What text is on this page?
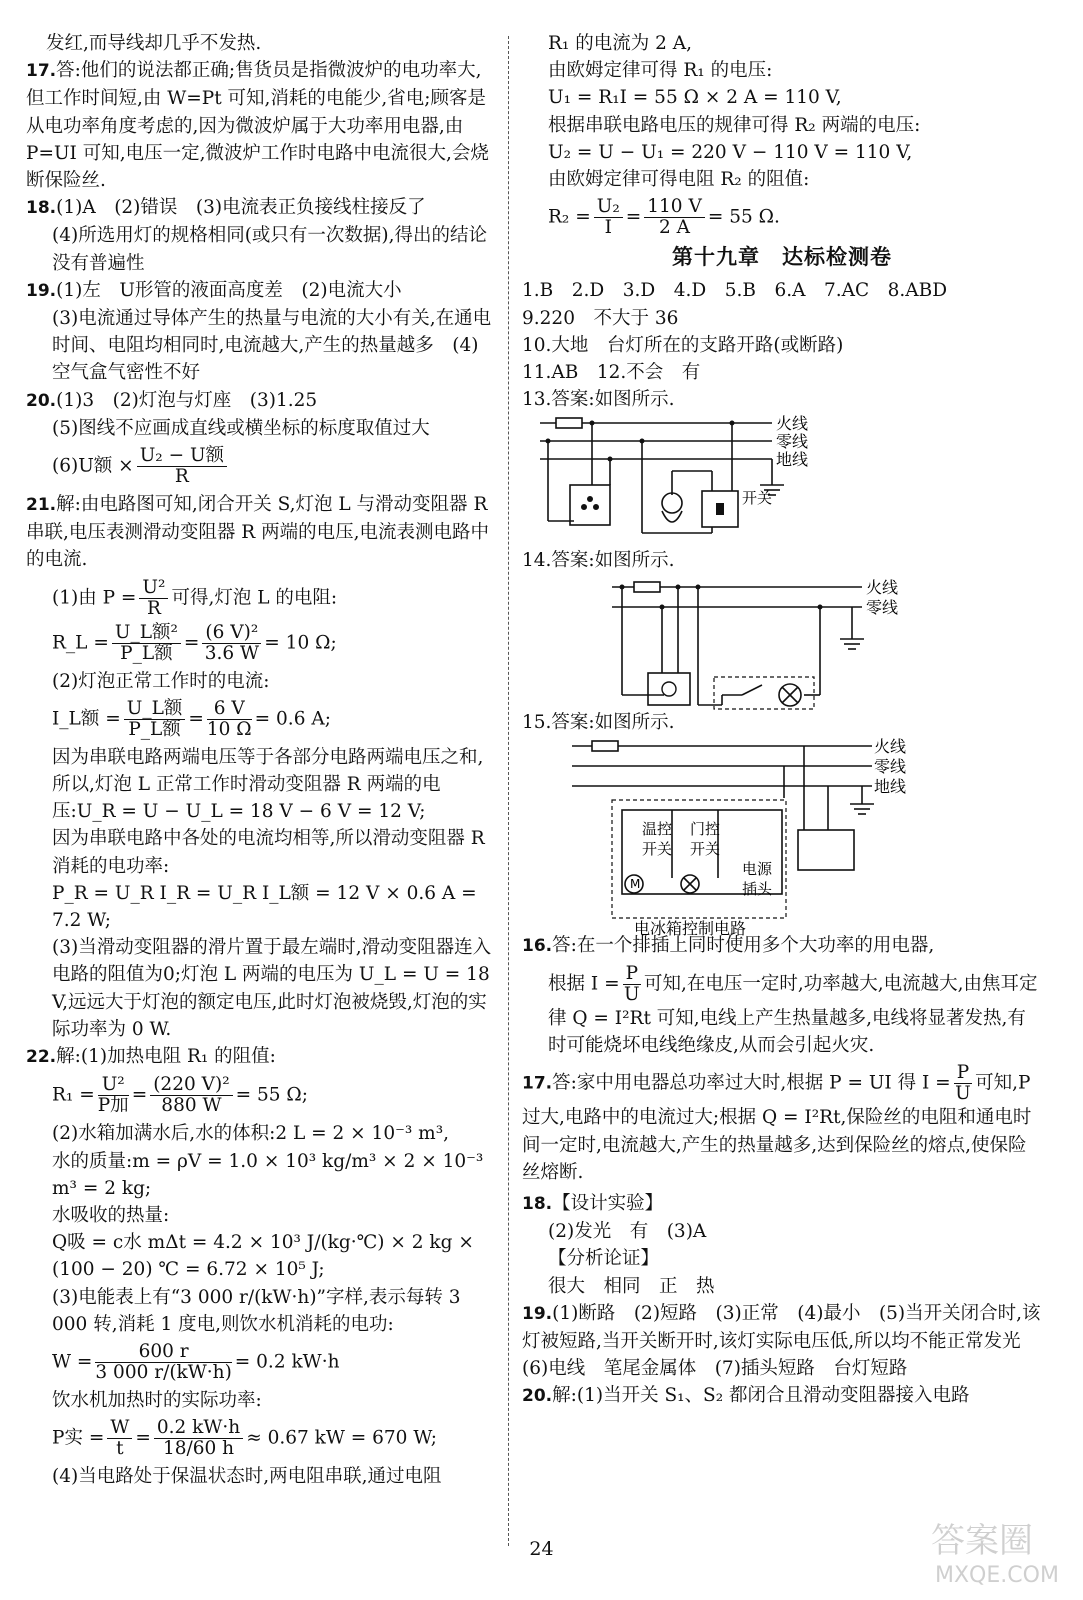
发红,而导线却几乎不发热.

17.答:他们的说法都正确;售货员是指微波炉的电功率大,但工作时间短,由 W=Pt 可知,消耗的电能少,省电;顾客是从电功率角度考虑的,因为微波炉属于大功率用电器,由 P=UI 可知,电压一定,微波炉工作时电路中电流很大,会烧断保险丝.

18.(1)A　(2)错误　(3)电流表正负接线柱接反了

(4)所选用灯的规格相同(或只有一次数据),得出的结论没有普遍性

19.(1)左　U形管的液面高度差　(2)电流大小

(3)电流通过导体产生的热量与电流的大小有关,在通电时间、电阻均相同时,电流越大,产生的热量越多　(4)空气盒气密性不好

20.(1)3　(2)灯泡与灯座　(3)1.25

(5)图线不应画成直线或横坐标的标度取值过大

(6)U额 × $\frac{\text{U₂ − U额}}{R}$

21.解:由电路图可知,闭合开关 S,灯泡 L 与滑动变阻器 R 串联,电压表测滑动变阻器 R 两端的电压,电流表测电路中的电流.

(1)由 $P = \frac{\text{U²}}{R}$ 可得,灯泡 L 的电阻:

R_L = $\frac{\text{U\_L额²}}{\text{P\_L额}} = \frac{\text{(6 V)²}}{3.6 W} = 10$ Ω;

(2)灯泡正常工作时的电流:

I_L额 = $\frac{\text{U\_L额}}{\text{P\_L额}} = \frac{6 V}{10 \Omega} = 0.6$ A;

因为串联电路两端电压等于各部分电路两端电压之和,所以,灯泡 L 正常工作时滑动变阻器 R 两端的电压:U_R = U − U_L = 18 V − 6 V = 12 V;

因为串联电路中各处的电流均相等,所以滑动变阻器 R 消耗的电功率:

P_R = U_R I_R = U_R I_L额 = 12 V × 0.6 A = 7.2 W;

(3)当滑动变阻器的滑片置于最左端时,滑动变阻器连入电路的阻值为0;灯泡 L 两端的电压为 U_L = U = 18 V,远远大于灯泡的额定电压,此时灯泡被烧毁,灯泡的实际功率为 0 W.

22.解:(1)加热电阻 R₁ 的阻值:

$R_1 = \frac{\text{U²}}{\text{P加}} = \frac{\text{(220 V)²}}{880 W} = 55$ Ω;

(2)水箱加满水后,水的体积:2 L = 2 × 10⁻³ m³,

水的质量:m = ρV = 1.0 × 10³ kg/m³ × 2 × 10⁻³ m³ = 2 kg;

水吸收的热量:

Q吸 = c水 mΔt = 4.2 × 10³ J/(kg·℃) × 2 kg × (100 − 20) ℃ = 6.72 × 10⁵ J;

(3)电能表上有“3 000 r/(kW·h)”字样,表示每转 3 000 转,消耗 1 度电,则饮水机消耗的电功:

$W = \frac{600 r}{3 000 r/(kW\cdot h)} = 0.2$ kW·h

饮水机加热时的实际功率:

P实 = $\frac{W}{t} = \frac{0.2 kW\cdot h}{18/60 h} \approx 0.67$ kW = 670 W;

(4)当电路处于保温状态时,两电阻串联,通过电阻

R₁ 的电流为 2 A,

由欧姆定律可得 R₁ 的电压:

U₁ = R₁I = 55 Ω × 2 A = 110 V,

根据串联电路电压的规律可得 R₂ 两端的电压:

U₂ = U − U₁ = 220 V − 110 V = 110 V,

由欧姆定律可得电阻 R₂ 的阻值:

$R_2 = \frac{\text{U₂}}{I} = \frac{110 V}{2 A} = 55$ Ω.

第十九章　达标检测卷

1.B　2.D　3.D　4.D　5.B　6.A　7.AC　8.ABD

9.220　不大于 36

10.大地　台灯所在的支路开路(或断路)

11.AB　12.不会　有

13.答案:如图所示.

火线
零线
地线
开关

14.答案:如图所示.

火线
零线

15.答案:如图所示.

M
温控
开关
门控
开关
电源
插头
火线
零线
地线
电冰箱控制电路

16.答:在一个排插上同时使用多个大功率的用电器,

根据 $I = \frac{P}{U}$ 可知,在电压一定时,功率越大,电流越大,由焦耳定律 Q = I²Rt 可知,电线上产生热量越多,电线将显著发热,有时可能烧坏电线绝缘皮,从而会引起火灾.

17.答:家中用电器总功率过大时,根据 P = UI 得 $I = \frac{P}{U}$ 可知,P 过大,电路中的电流过大;根据 Q = I²Rt,保险丝的电阻和通电时间一定时,电流越大,产生的热量越多,达到保险丝的熔点,使保险丝熔断.

18.【设计实验】

(2)发光　有　(3)A

【分析论证】

很大　相同　正　热

19.(1)断路　(2)短路　(3)正常　(4)最小　(5)当开关闭合时,该灯被短路,当开关断开时,该灯实际电压低,所以均不能正常发光　(6)电线　笔尾金属体　(7)插头短路　台灯短路

20.解:(1)当开关 S₁、S₂ 都闭合且滑动变阻器接入电路

24	答案圈
MXQE.COM
